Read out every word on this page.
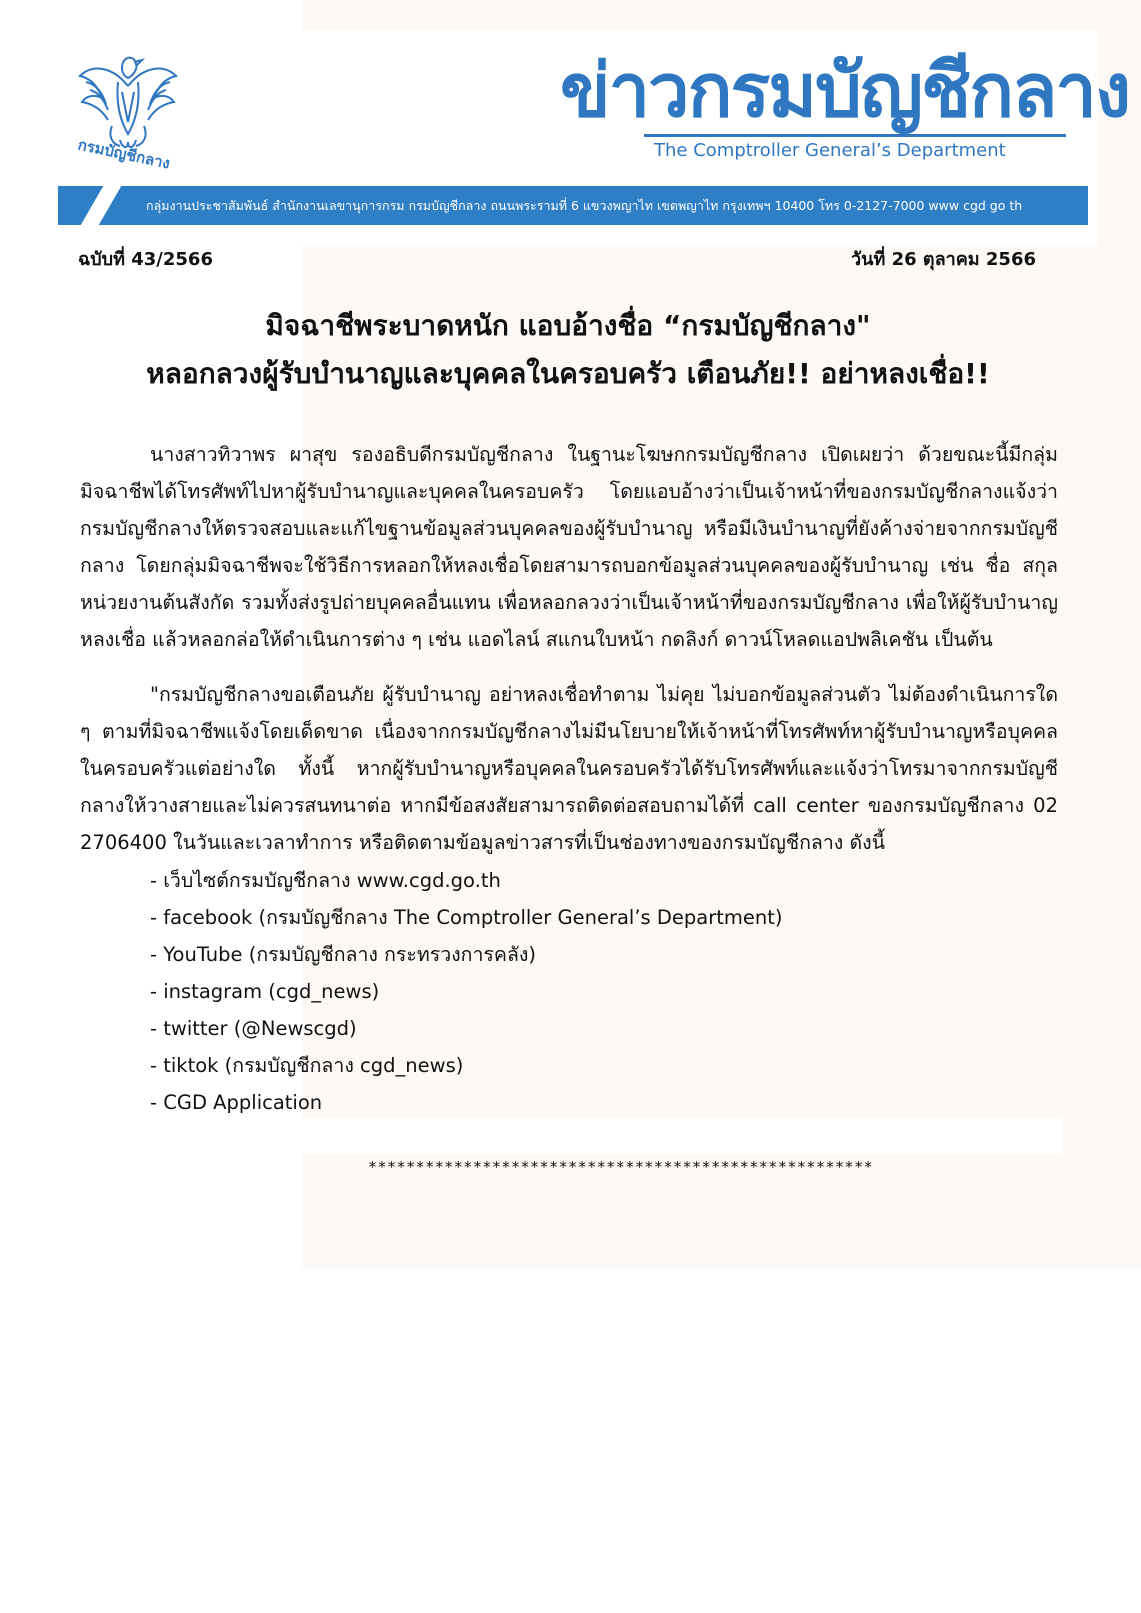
กรมบัญชีกลาง
ข่าวกรมบัญชีกลาง
The Comptroller General’s Department
กลุ่มงานประชาสัมพันธ์ สำนักงานเลขานุการกรม กรมบัญชีกลาง ถนนพระรามที่ 6 แขวงพญาไท เขตพญาไท กรุงเทพฯ 10400 โทร 0-2127-7000 www cgd go th
ฉบับที่ 43/2566	วันที่ 26 ตุลาคม 2566
มิจฉาชีพระบาดหนัก แอบอ้างชื่อ “กรมบัญชีกลาง"
หลอกลวงผู้รับบำนาญและบุคคลในครอบครัว เตือนภัย!! อย่าหลงเชื่อ!!
นางสาวทิวาพร ผาสุข รองอธิบดีกรมบัญชีกลาง ในฐานะโฆษกกรมบัญชีกลาง เปิดเผยว่า ด้วยขณะนี้มีกลุ่มมิจฉาชีพได้โทรศัพท์ไปหาผู้รับบำนาญและบุคคลในครอบครัว โดยแอบอ้างว่าเป็นเจ้าหน้าที่ของกรมบัญชีกลางแจ้งว่า กรมบัญชีกลางให้ตรวจสอบและแก้ไขฐานข้อมูลส่วนบุคคลของผู้รับบำนาญ หรือมีเงินบำนาญที่ยังค้างจ่ายจากกรมบัญชีกลาง โดยกลุ่มมิจฉาชีพจะใช้วิธีการหลอกให้หลงเชื่อโดยสามารถบอกข้อมูลส่วนบุคคลของผู้รับบำนาญ เช่น ชื่อ สกุล หน่วยงานต้นสังกัด รวมทั้งส่งรูปถ่ายบุคคลอื่นแทน เพื่อหลอกลวงว่าเป็นเจ้าหน้าที่ของกรมบัญชีกลาง เพื่อให้ผู้รับบำนาญหลงเชื่อ แล้วหลอกล่อให้ดำเนินการต่าง ๆ เช่น แอดไลน์ สแกนใบหน้า กดลิงก์ ดาวน์โหลดแอปพลิเคชัน เป็นต้น
"กรมบัญชีกลางขอเตือนภัย ผู้รับบำนาญ อย่าหลงเชื่อทำตาม ไม่คุย ไม่บอกข้อมูลส่วนตัว ไม่ต้องดำเนินการใด ๆ ตามที่มิจฉาชีพแจ้งโดยเด็ดขาด เนื่องจากกรมบัญชีกลางไม่มีนโยบายให้เจ้าหน้าที่โทรศัพท์หาผู้รับบำนาญหรือบุคคลในครอบครัวแต่อย่างใด ทั้งนี้ หากผู้รับบำนาญหรือบุคคลในครอบครัวได้รับโทรศัพท์และแจ้งว่าโทรมาจากกรมบัญชีกลางให้วางสายและไม่ควรสนทนาต่อ หากมีข้อสงสัยสามารถติดต่อสอบถามได้ที่ call center ของกรมบัญชีกลาง 02 2706400 ในวันและเวลาทำการ หรือติดตามข้อมูลข่าวสารที่เป็นช่องทางของกรมบัญชีกลาง ดังนี้
- เว็บไซต์กรมบัญชีกลาง www.cgd.go.th
- facebook (กรมบัญชีกลาง The Comptroller General’s Department)
- YouTube (กรมบัญชีกลาง กระทรวงการคลัง)
- instagram (cgd_news)
- twitter (@Newscgd)
- tiktok (กรมบัญชีกลาง cgd_news)
- CGD Application
*****************************************************
